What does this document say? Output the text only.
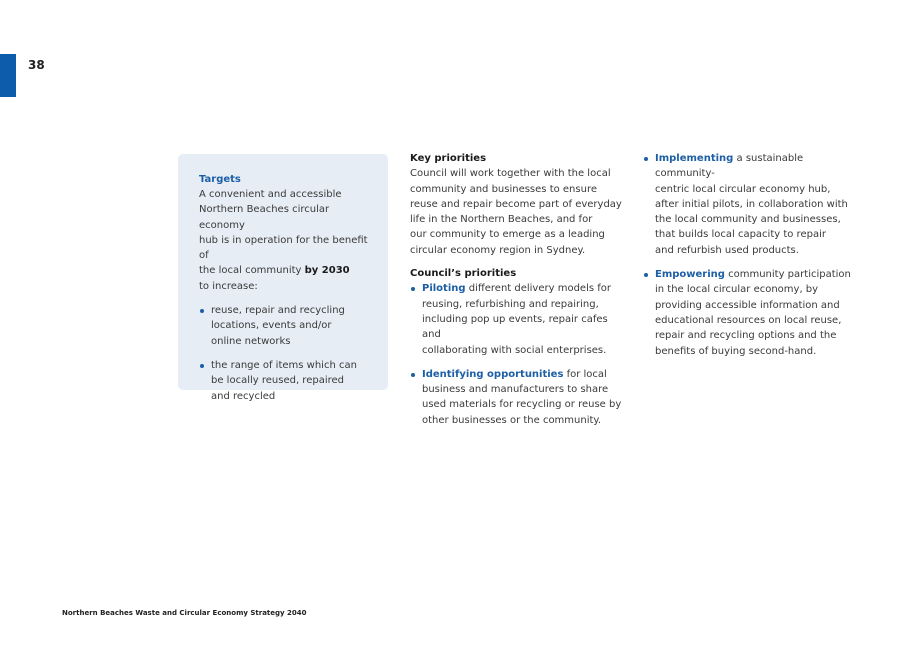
38
Targets

A convenient and accessible
Northern Beaches circular economy
hub is in operation for the benefit of
the local community by 2030
to increase:

reuse, repair and recycling
locations, events and/or
online networks
the range of items which can
be locally reused, repaired
and recycled

Key priorities

Council will work together with the local
community and businesses to ensure
reuse and repair become part of everyday
life in the Northern Beaches, and for
our community to emerge as a leading
circular economy region in Sydney.

Council’s priorities

Piloting different delivery models for
reusing, refurbishing and repairing,
including pop up events, repair cafes and
collaborating with social enterprises.
Identifying opportunities for local
business and manufacturers to share
used materials for recycling or reuse by
other businesses or the community.
Implementing a sustainable community-
centric local circular economy hub,
after initial pilots, in collaboration with
the local community and businesses,
that builds local capacity to repair
and refurbish used products.
Empowering community participation
in the local circular economy, by
providing accessible information and
educational resources on local reuse,
repair and recycling options and the
benefits of buying second-hand.
Northern Beaches Waste and Circular Economy Strategy 2040
